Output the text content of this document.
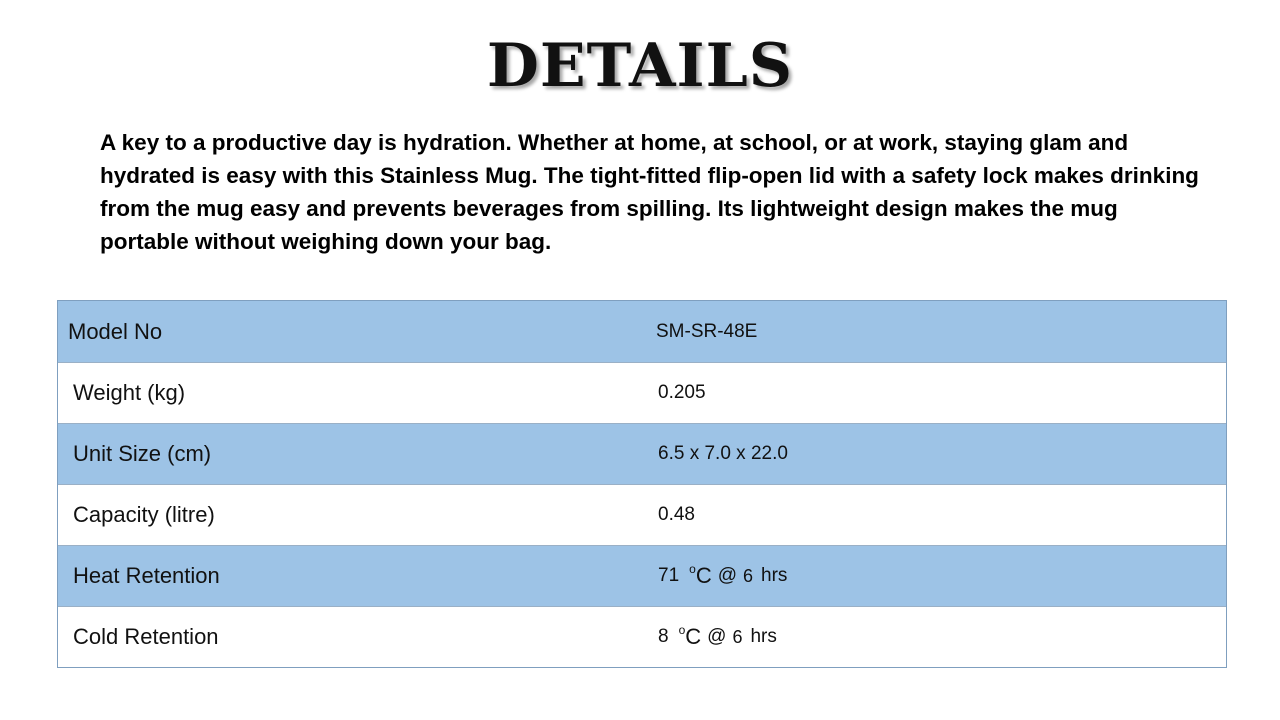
DETAILS
A key to a productive day is hydration. Whether at home, at school, or at work, staying glam and hydrated is easy with this Stainless Mug. The tight-fitted flip-open lid with a safety lock makes drinking from the mug easy and prevents beverages from spilling. Its lightweight design makes the mug portable without weighing down your bag.
Model No	SM-SR-48E
Weight (kg)	0.205
Unit Size (cm)	6.5 x 7.0 x 22.0
Capacity (litre)	0.48
Heat Retention	71 $^o$C @ 6 hrs
Cold Retention	8 $^o$C @ 6 hrs
